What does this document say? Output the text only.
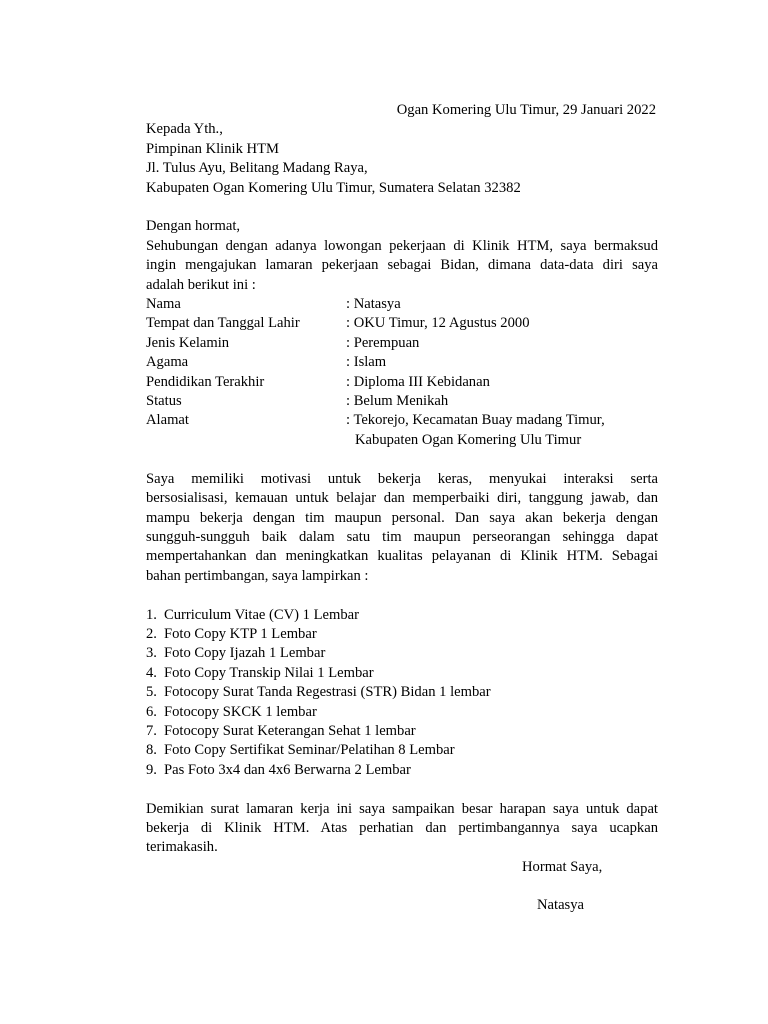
Ogan Komering Ulu Timur, 29 Januari 2022
Kepada Yth.,
Pimpinan Klinik HTM
Jl. Tulus Ayu, Belitang Madang Raya,
Kabupaten Ogan Komering Ulu Timur, Sumatera Selatan 32382
Dengan hormat,
Sehubungan dengan adanya lowongan pekerjaan di Klinik HTM, saya bermaksud
ingin mengajukan lamaran pekerjaan sebagai Bidan, dimana data-data diri saya
adalah berikut ini :
Nama	: Natasya
Tempat dan Tanggal Lahir	: OKU Timur, 12 Agustus 2000
Jenis Kelamin	: Perempuan
Agama	: Islam
Pendidikan Terakhir	: Diploma III Kebidanan
Status	: Belum Menikah
Alamat	: Tekorejo, Kecamatan Buay madang Timur,
Kabupaten Ogan Komering Ulu Timur
Saya memiliki motivasi untuk bekerja keras, menyukai interaksi serta
bersosialisasi, kemauan untuk belajar dan memperbaiki diri, tanggung jawab, dan
mampu bekerja dengan tim maupun personal. Dan saya akan bekerja dengan
sungguh-sungguh baik dalam satu tim maupun perseorangan sehingga dapat
mempertahankan dan meningkatkan kualitas pelayanan di Klinik HTM. Sebagai
bahan pertimbangan, saya lampirkan :
1. Curriculum Vitae (CV) 1 Lembar
2. Foto Copy KTP 1 Lembar
3. Foto Copy Ijazah 1 Lembar
4. Foto Copy Transkip Nilai 1 Lembar
5. Fotocopy Surat Tanda Regestrasi (STR) Bidan 1 lembar
6. Fotocopy SKCK 1 lembar
7. Fotocopy Surat Keterangan Sehat 1 lembar
8. Foto Copy Sertifikat Seminar/Pelatihan 8 Lembar
9. Pas Foto 3x4 dan 4x6 Berwarna 2 Lembar
Demikian surat lamaran kerja ini saya sampaikan besar harapan saya untuk dapat
bekerja di Klinik HTM. Atas perhatian dan pertimbangannya saya ucapkan
terimakasih.
Hormat Saya,
Natasya
